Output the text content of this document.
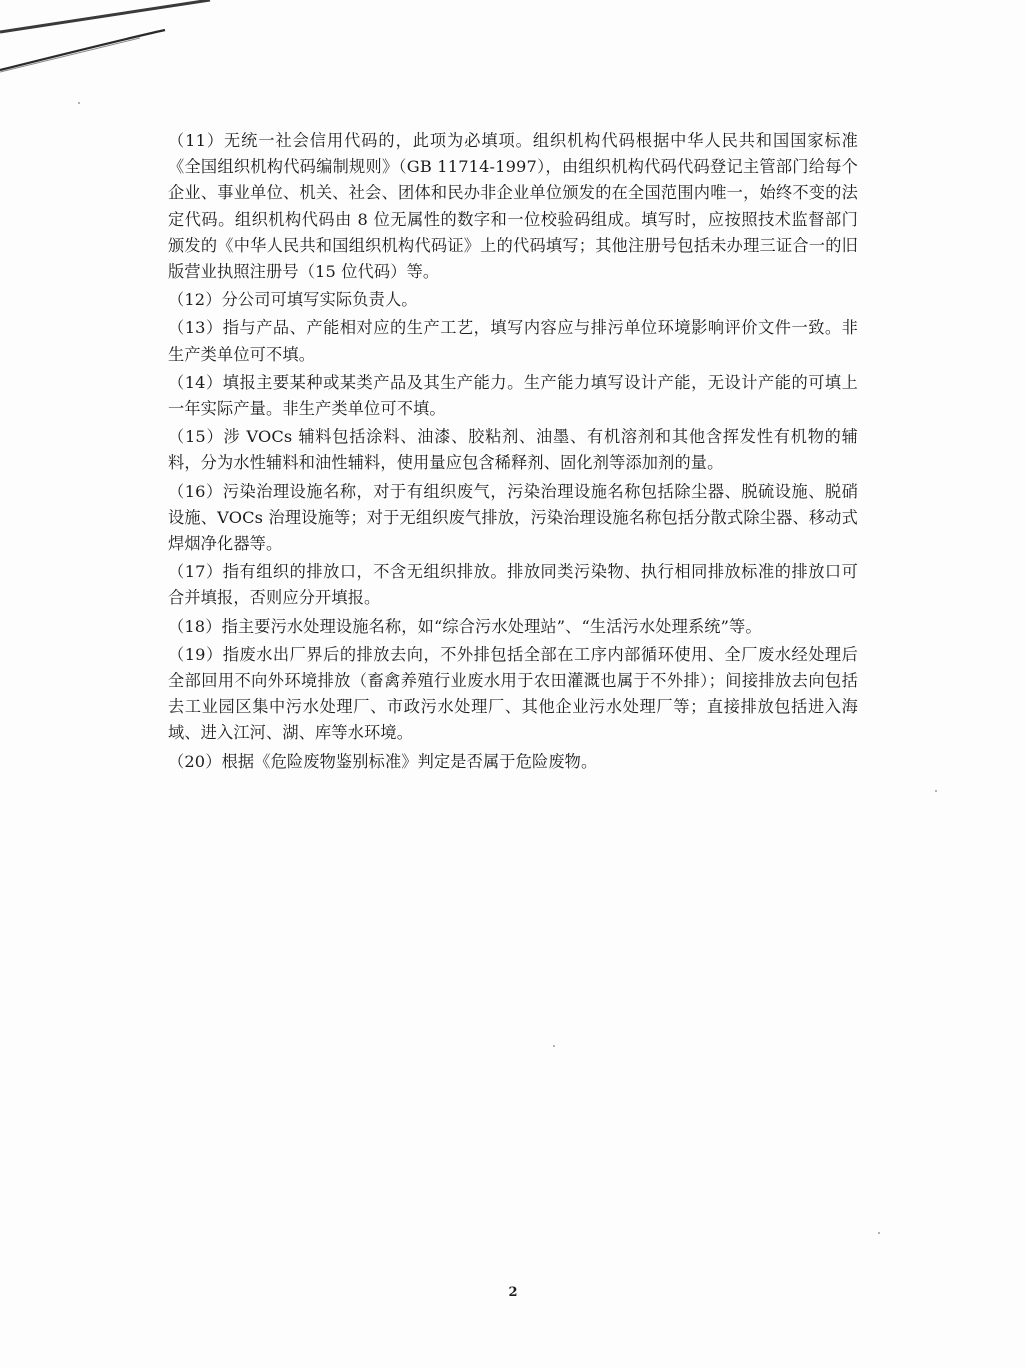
（11）无统一社会信用代码的，此项为必填项。组织机构代码根据中华人民共和国国家标准《全国组织机构代码编制规则》（GB 11714-1997），由组织机构代码代码登记主管部门给每个企业、事业单位、机关、社会、团体和民办非企业单位颁发的在全国范围内唯一，始终不变的法定代码。组织机构代码由 8 位无属性的数字和一位校验码组成。填写时，应按照技术监督部门颁发的《中华人民共和国组织机构代码证》上的代码填写；其他注册号包括未办理三证合一的旧版营业执照注册号（15 位代码）等。

（12）分公司可填写实际负责人。

（13）指与产品、产能相对应的生产工艺，填写内容应与排污单位环境影响评价文件一致。非生产类单位可不填。

（14）填报主要某种或某类产品及其生产能力。生产能力填写设计产能，无设计产能的可填上一年实际产量。非生产类单位可不填。

（15）涉 VOCs 辅料包括涂料、油漆、胶粘剂、油墨、有机溶剂和其他含挥发性有机物的辅料，分为水性辅料和油性辅料，使用量应包含稀释剂、固化剂等添加剂的量。

（16）污染治理设施名称，对于有组织废气，污染治理设施名称包括除尘器、脱硫设施、脱硝设施、VOCs 治理设施等；对于无组织废气排放，污染治理设施名称包括分散式除尘器、移动式焊烟净化器等。

（17）指有组织的排放口，不含无组织排放。排放同类污染物、执行相同排放标准的排放口可合并填报，否则应分开填报。

（18）指主要污水处理设施名称，如“综合污水处理站”、“生活污水处理系统”等。

（19）指废水出厂界后的排放去向，不外排包括全部在工序内部循环使用、全厂废水经处理后全部回用不向外环境排放（畜禽养殖行业废水用于农田灌溉也属于不外排）；间接排放去向包括去工业园区集中污水处理厂、市政污水处理厂、其他企业污水处理厂等；直接排放包括进入海域、进入江河、湖、库等水环境。

（20）根据《危险废物鉴别标准》判定是否属于危险废物。

2
